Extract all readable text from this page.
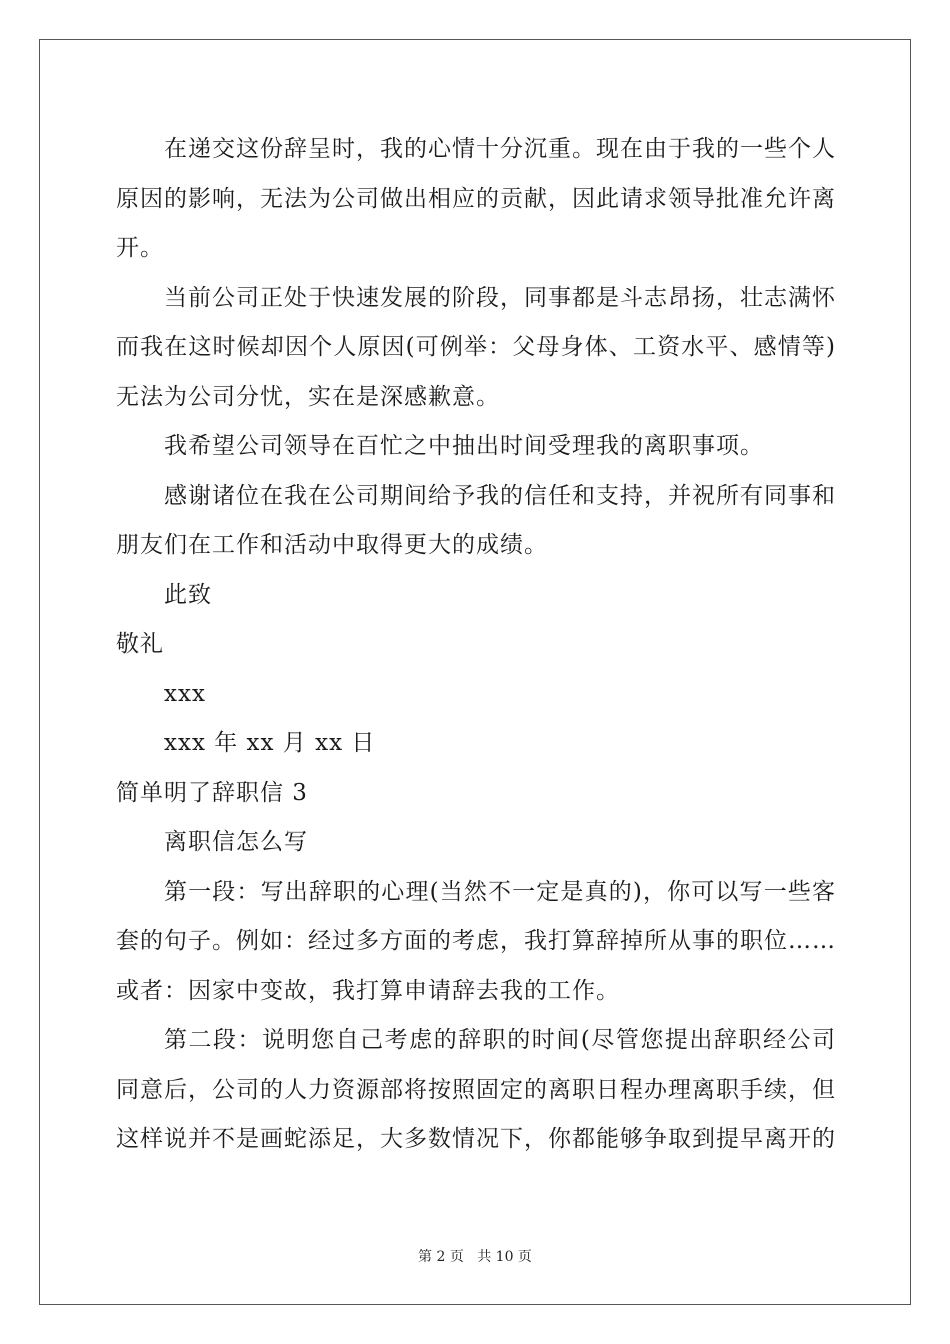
在递交这份辞呈时，我的心情十分沉重。现在由于我的一些个人原因的影响，无法为公司做出相应的贡献，因此请求领导批准允许离开。

当前公司正处于快速发展的阶段，同事都是斗志昂扬，壮志满怀而我在这时候却因个人原因(可例举：父母身体、工资水平、感情等)无法为公司分忧，实在是深感歉意。

我希望公司领导在百忙之中抽出时间受理我的离职事项。

感谢诸位在我在公司期间给予我的信任和支持，并祝所有同事和朋友们在工作和活动中取得更大的成绩。

此致

敬礼

xxx

xxx 年 xx 月 xx 日

简单明了辞职信 3

离职信怎么写

第一段：写出辞职的心理(当然不一定是真的)，你可以写一些客套的句子。例如：经过多方面的考虑，我打算辞掉所从事的职位……或者：因家中变故，我打算申请辞去我的工作。

第二段：说明您自己考虑的辞职的时间(尽管您提出辞职经公司同意后，公司的人力资源部将按照固定的离职日程办理离职手续，但这样说并不是画蛇添足，大多数情况下，你都能够争取到提早离开的

第 2 页 共 10 页
